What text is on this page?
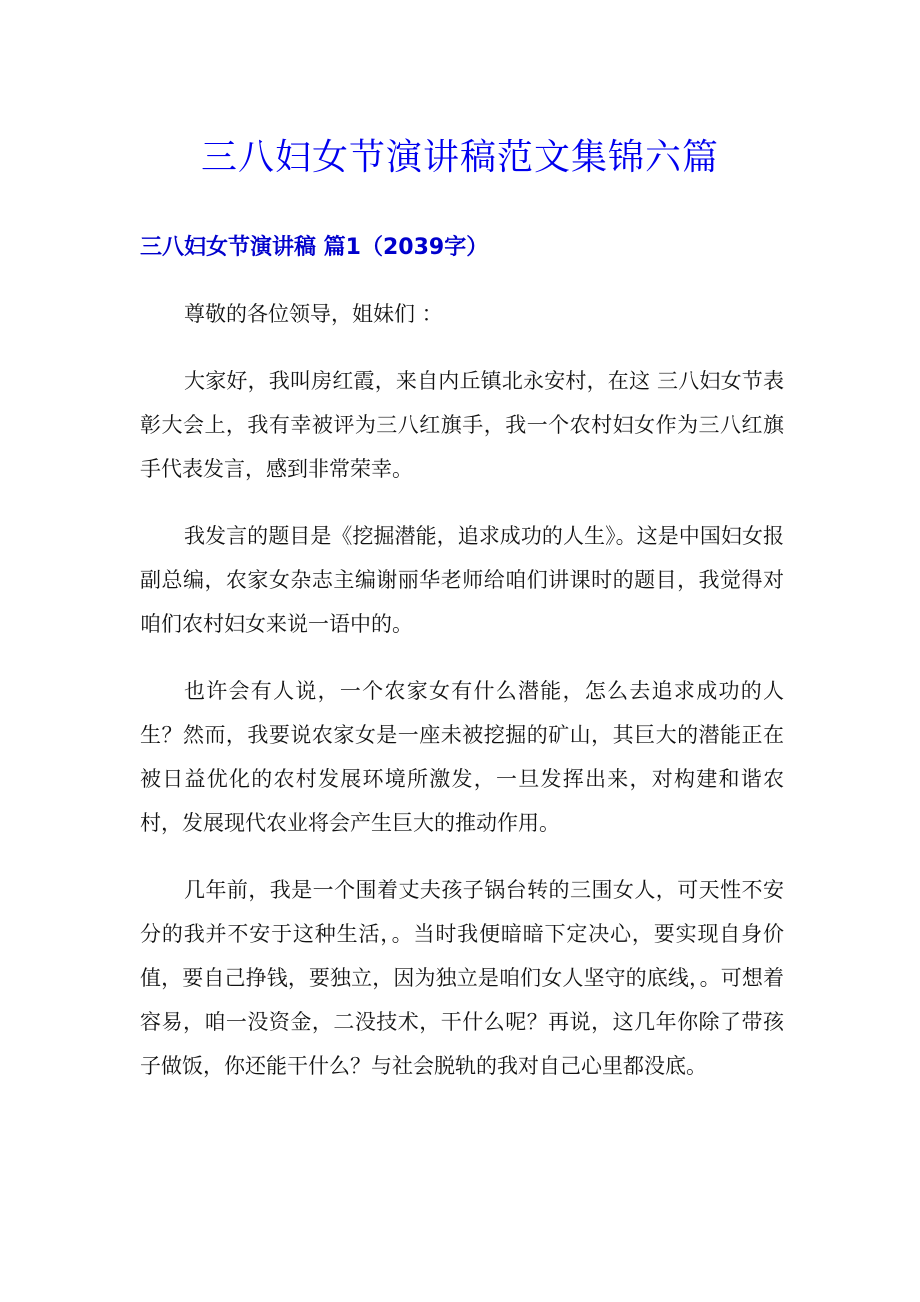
三八妇女节演讲稿范文集锦六篇
三八妇女节演讲稿 篇1（2039字）

尊敬的各位领导，姐妹们 ：

大家好，我叫房红霞，来自内丘镇北永安村，在这 三八妇女节表彰大会上，我有幸被评为三八红旗手，我一个农村妇女作为三八红旗手代表发言，感到非常荣幸。

我发言的题目是《挖掘潜能，追求成功的人生》。这是中国妇女报副总编，农家女杂志主编谢丽华老师给咱们讲课时的题目，我觉得对咱们农村妇女来说一语中的。

也许会有人说，一个农家女有什么潜能，怎么去追求成功的人生？然而，我要说农家女是一座未被挖掘的矿山，其巨大的潜能正在被日益优化的农村发展环境所激发，一旦发挥出来，对构建和谐农村，发展现代农业将会产生巨大的推动作用。

几年前，我是一个围着丈夫孩子锅台转的三围女人，可天性不安分的我并不安于这种生活，。当时我便暗暗下定决心，要实现自身价值，要自己挣钱，要独立，因为独立是咱们女人坚守的底线，。可想着容易，咱一没资金，二没技术，干什么呢？再说，这几年你除了带孩子做饭，你还能干什么？与社会脱轨的我对自己心里都没底。
